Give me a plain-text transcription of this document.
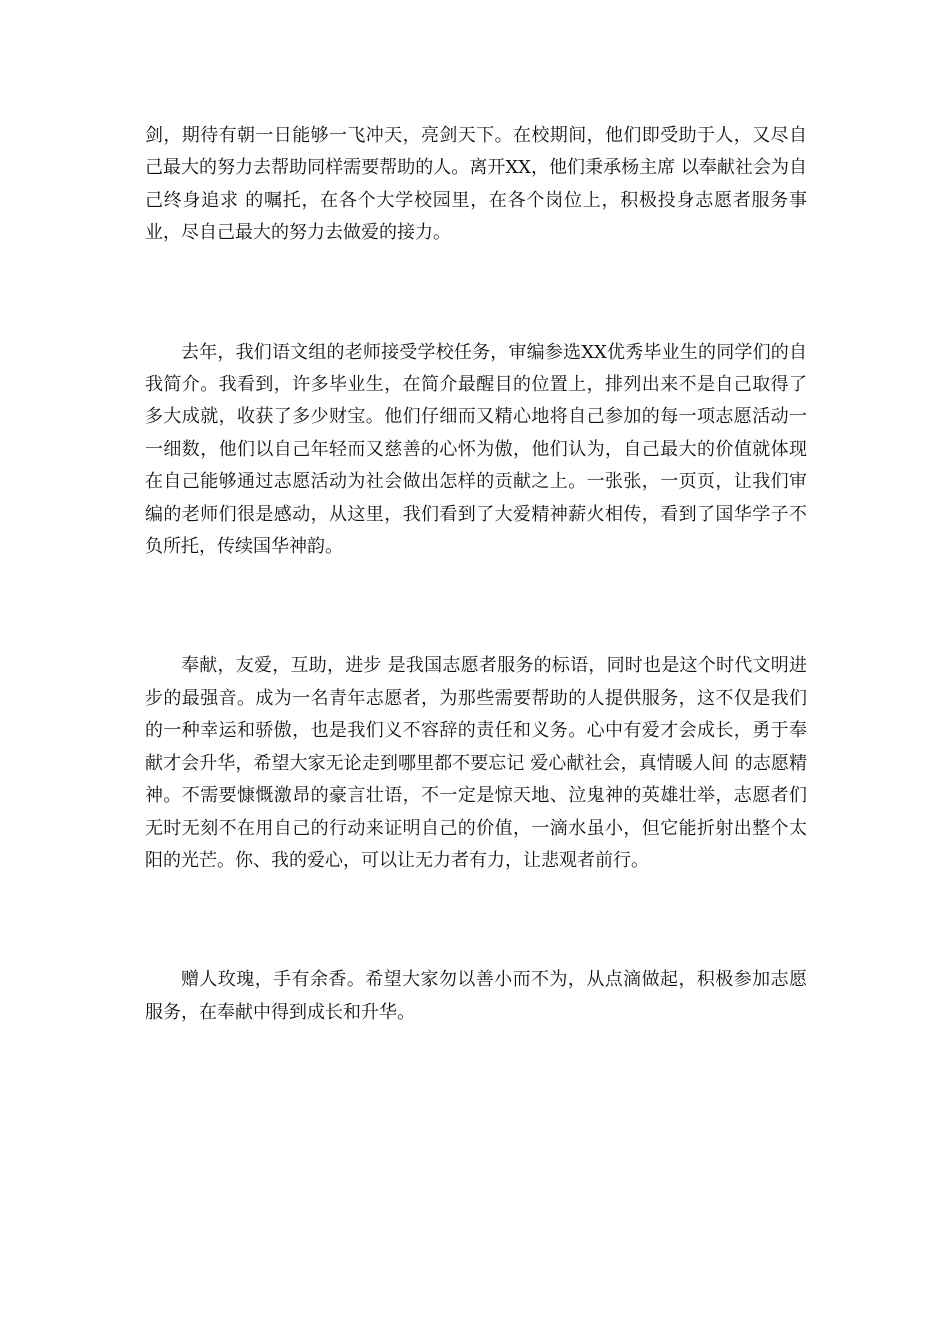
剑，期待有朝一日能够一飞冲天，亮剑天下。在校期间，他们即受助于人，又尽自己最大的努力去帮助同样需要帮助的人。离开XX，他们秉承杨主席 以奉献社会为自己终身追求 的嘱托，在各个大学校园里，在各个岗位上，积极投身志愿者服务事业，尽自己最大的努力去做爱的接力。

去年，我们语文组的老师接受学校任务，审编参选XX优秀毕业生的同学们的自我简介。我看到，许多毕业生，在简介最醒目的位置上，排列出来不是自己取得了多大成就，收获了多少财宝。他们仔细而又精心地将自己参加的每一项志愿活动一一细数，他们以自己年轻而又慈善的心怀为傲，他们认为，自己最大的价值就体现在自己能够通过志愿活动为社会做出怎样的贡献之上。一张张，一页页，让我们审编的老师们很是感动，从这里，我们看到了大爱精神薪火相传，看到了国华学子不负所托，传续国华神韵。

奉献，友爱，互助，进步 是我国志愿者服务的标语，同时也是这个时代文明进步的最强音。成为一名青年志愿者，为那些需要帮助的人提供服务，这不仅是我们的一种幸运和骄傲，也是我们义不容辞的责任和义务。心中有爱才会成长，勇于奉献才会升华，希望大家无论走到哪里都不要忘记 爱心献社会，真情暖人间 的志愿精神。不需要慷慨激昂的豪言壮语，不一定是惊天地、泣鬼神的英雄壮举，志愿者们无时无刻不在用自己的行动来证明自己的价值，一滴水虽小，但它能折射出整个太阳的光芒。你、我的爱心，可以让无力者有力，让悲观者前行。

赠人玫瑰，手有余香。希望大家勿以善小而不为，从点滴做起，积极参加志愿服务，在奉献中得到成长和升华。
